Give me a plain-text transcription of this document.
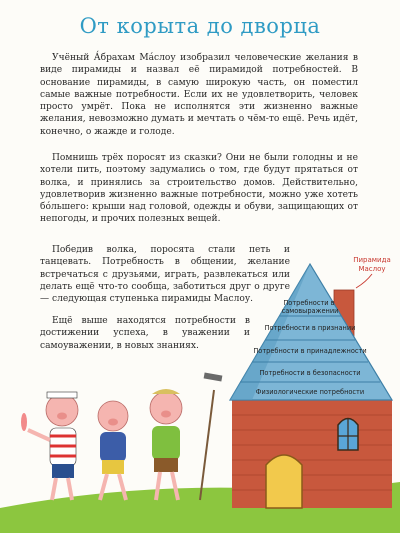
От корыта до дворца

Учёный А́брахам Ма́слоу изобразил человеческие желания в виде пирамиды и назвал её пирамидой потребностей. В основание пирамиды, в самую широкую часть, он поместил самые важные потребности. Если их не удовлетворить, человек просто умрёт. Пока не исполнятся эти жизненно важные желания, невозможно думать и мечтать о чём-то ещё. Речь идёт, конечно, о жажде и голоде.

Помнишь трёх поросят из сказки? Они не были голодны и не хотели пить, поэтому задумались о том, где будут прятаться от волка, и принялись за строительство домов. Действительно, удовлетворив жизненно важные потребности, можно уже хотеть бо́льшего: крыши над головой, одежды и обуви, защищающих от непогоды, и прочих полезных вещей.

Победив волка, поросята стали петь и танцевать. Потребность в общении, желание встречаться с друзьями, играть, развлекаться или делать ещё что-то сообща, заботиться друг о друге — следующая ступенька пирамиды Маслоу.

Ещё выше находятся потребности в достижении успеха, в уважении и самоуважении, в новых знаниях.

Потребности в самовыражении
Потребности в признании
Потребности в принадлежности
Потребности в безопасности
Физиологические потребности
Пирамида
Маслоу
